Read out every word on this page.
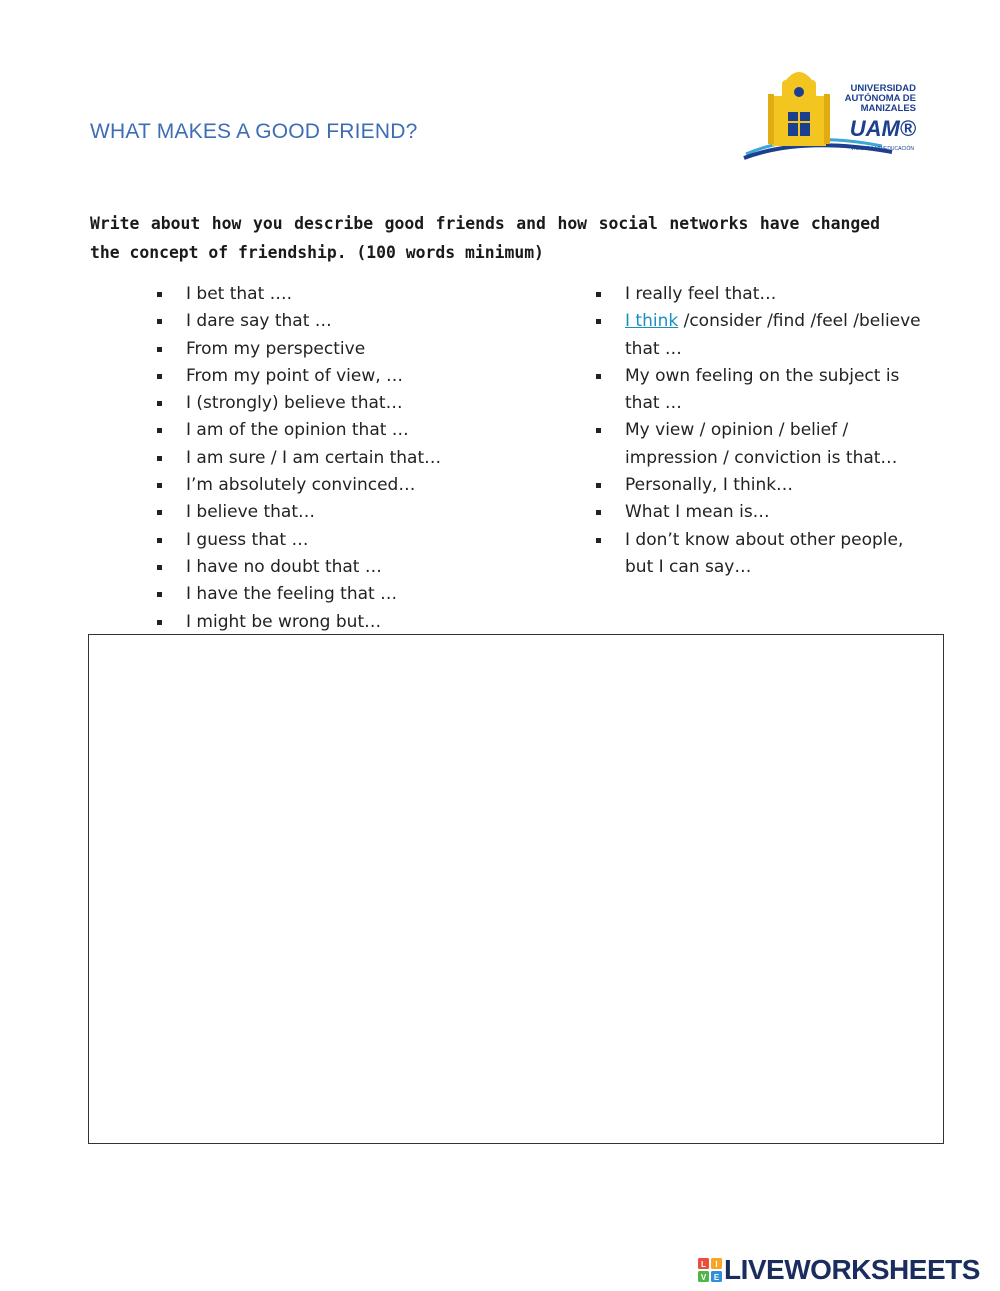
WHAT MAKES A GOOD FRIEND?
UNIVERSIDAD
AUTÓNOMA DE
MANIZALES
UAM®
VIGILADA MINEDUCACIÓN

Write about how you describe good friends and how social networks have changed the concept of friendship. (100 words minimum)

I bet that ….
I dare say that …
From my perspective
From my point of view, …
I (strongly) believe that…
I am of the opinion that …
I am sure / I am certain that…
I’m absolutely convinced…
I believe that…
I guess that …
I have no doubt that …
I have the feeling that …
I might be wrong but…
I really feel that…
I think /consider /find /feel /believe that …
My own feeling on the subject is that …
My view / opinion / belief / impression / conviction is that…
Personally, I think…
What I mean is…
I don’t know about other people, but I can say…
L I
V E LIVEWORKSHEETS
